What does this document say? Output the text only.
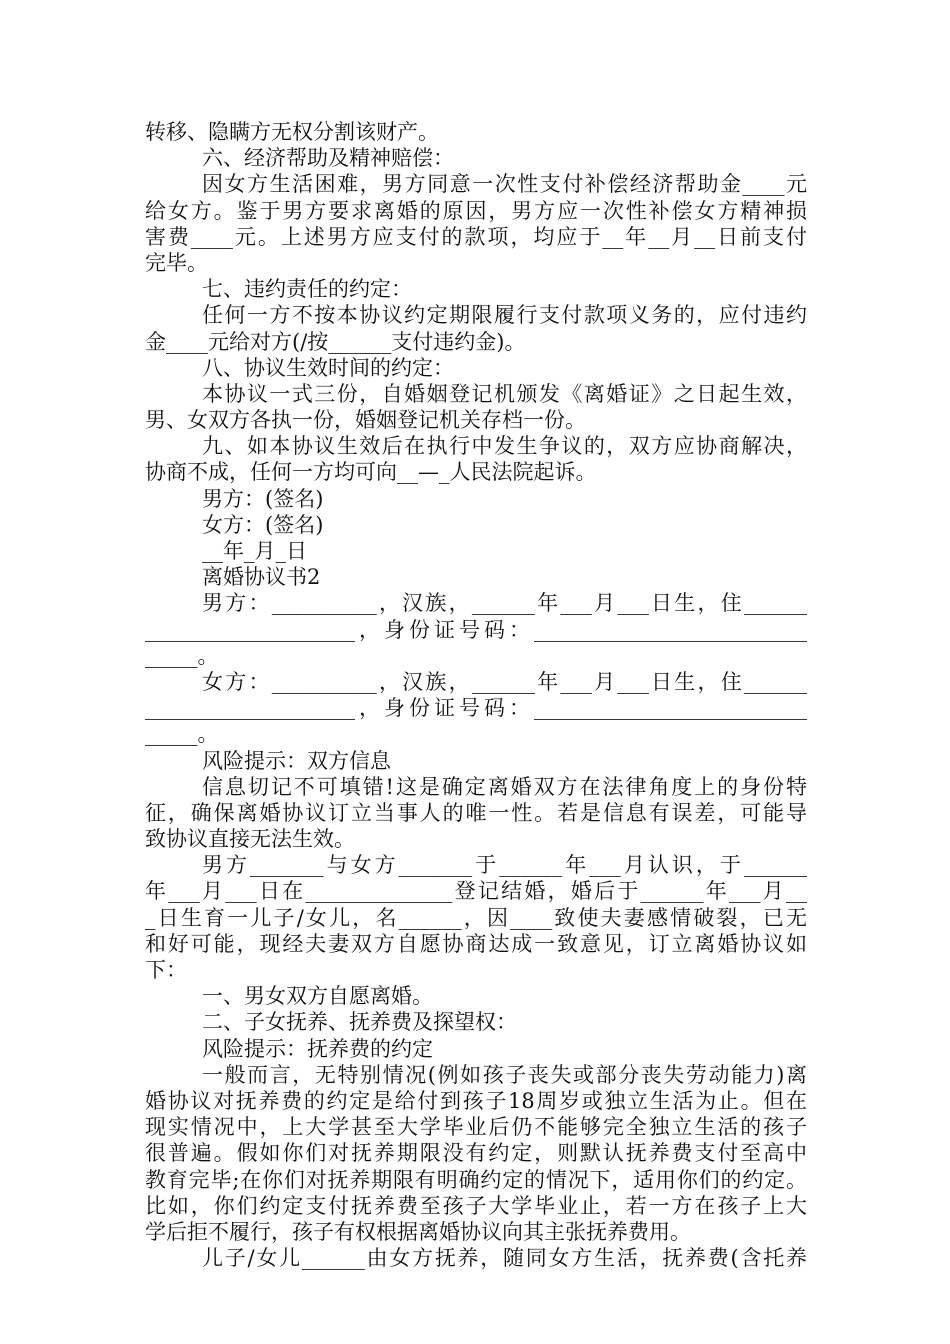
转移、隐瞒方无权分割该财产。
六、经济帮助及精神赔偿：
因女方生活困难，男方同意一次性支付补偿经济帮助金____元
给女方。鉴于男方要求离婚的原因，男方应一次性补偿女方精神损
害费____元。上述男方应支付的款项，均应于__年__月__日前支付
完毕。
七、违约责任的约定：
任何一方不按本协议约定期限履行支付款项义务的，应付违约
金____元给对方(/按______支付违约金)。
八、协议生效时间的约定：
本协议一式三份，自婚姻登记机颁发《离婚证》之日起生效，
男、女双方各执一份，婚姻登记机关存档一份。
九、如本协议生效后在执行中发生争议的，双方应协商解决，
协商不成，任何一方均可向__—_人民法院起诉。
男方：(签名)
女方：(签名)
__年_月_日
离婚协议书2
男方：__________，汉族，______年___月___日生，住______
____________________，身份证号码：__________________________
_____。
女方：__________，汉族，______年___月___日生，住______
____________________，身份证号码：__________________________
_____。
风险提示：双方信息
信息切记不可填错!这是确定离婚双方在法律角度上的身份特
征，确保离婚协议订立当事人的唯一性。若是信息有误差，可能导
致协议直接无法生效。
男方_______与女方_______于______年___月认识，于______
年___月___日在______________登记结婚，婚后于______年___月__
_日生育一儿子/女儿，名______，因____致使夫妻感情破裂，已无
和好可能，现经夫妻双方自愿协商达成一致意见，订立离婚协议如
下：
一、男女双方自愿离婚。
二、子女抚养、抚养费及探望权：
风险提示：抚养费的约定
一般而言，无特别情况(例如孩子丧失或部分丧失劳动能力)离
婚协议对抚养费的约定是给付到孩子18周岁或独立生活为止。但在
现实情况中，上大学甚至大学毕业后仍不能够完全独立生活的孩子
很普遍。假如你们对抚养期限没有约定，则默认抚养费支付至高中
教育完毕;在你们对抚养期限有明确约定的情况下，适用你们的约定。
比如，你们约定支付抚养费至孩子大学毕业止，若一方在孩子上大
学后拒不履行，孩子有权根据离婚协议向其主张抚养费用。
儿子/女儿______由女方抚养，随同女方生活，抚养费(含托养
